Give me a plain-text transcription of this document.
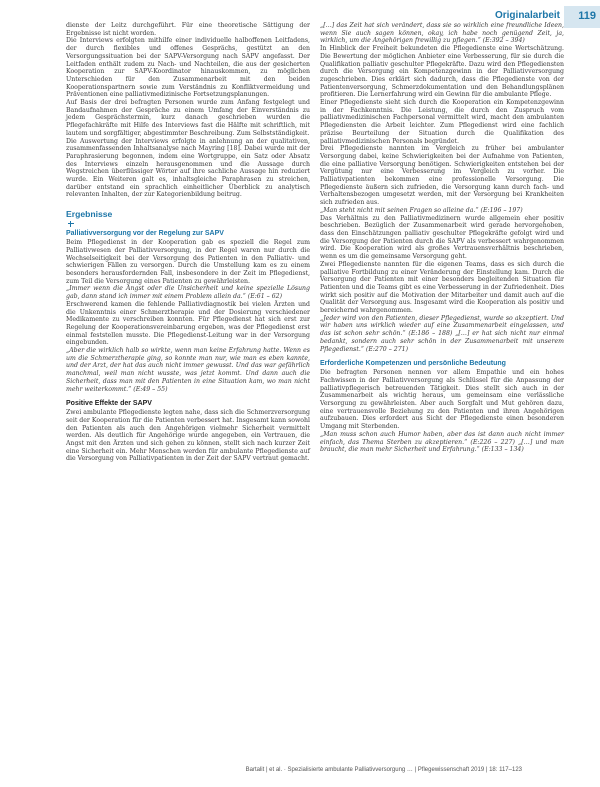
Originalarbeit 119

dienste der Leitz durchgeführt. Für eine theoretische Sättigung der Ergebnisse ist nicht worden.

Die Interviews erfolgten mithilfe einer individuelle halboffenen Leitfadens, der durch flexibles und offenes Gesprächs, gestützt an den Versorgungssituation bei der SAPV-Versorgung nach SAPV angefasst. Der Leitfaden enthält zudem zu Nach- und Nachteilen, die aus der gesicherten Kooperation zur SAPV-Koordinator hinauskommen, zu möglichen Unterschieden für den Zusammenarbeit mit den beiden Kooperationspartnern sowie zum Verständnis zu Konfliktvermeidung und Präventionen eine palliativmedizinische Fortsetzungsplanungen.

Auf Basis der drei befragten Personen wurde zum Anfang festgelegt und Bandaufnahmen der Gespräche zu einem Umfang der Einverständnis zu jedem Gesprächstermin, kurz danach geschrieben wurden die Pflegefachkräfte mit Hilfe des Interviews fast die Hälfte mit schriftlich, mit lautem und sorgfältiger, abgestimmter Beschreibung. Zum Selbstständigkeit.

Die Auswertung der Interviews erfolgte in anlehnung an der qualitativen, zusammenfassenden Inhaltsanalyse nach Mayring [18]. Dabei wurde mit der Paraphrasierung begonnen, indem eine Wortgruppe, ein Satz oder Absatz des Interviews einzeln herausgenommen und die Aussage durch Wegstreichen überflüssiger Wörter auf ihre sachliche Aussage hin reduziert wurde. Ein Weiteren galt es, inhaltsgleiche Paraphrasen zu streichen, darüber entstand ein sprachlich einheitlicher Überblick zu analytisch relevanten Inhalten, der zur Kategorienbildung beitrug.

Ergebnisse
Palliativversorgung vor der Regelung zur SAPV

Beim Pflegedienst in der Kooperation gab es speziell die Regel zum Palliativwesen der Palliativversorgung, in der Regel waren nur durch die Wechselseitigkeit bei der Versorgung des Patienten in den Palliativ- und schwierigen Fällen zu versorgen. Durch die Umstellung kam es zu einem besonders herausfordernden Fall, insbesondere in der Zeit im Pflegedienst, zum Teil die Versorgung eines Patienten zu gewährleisten.

„Immer wenn die Angst oder die Unsicherheit und keine spezielle Lösung gab, dann stand ich immer mit einem Problem allein da.“ (E:61 – 62)

Erschwerend kamen die fehlende Palliativdiagnostik bei vielen Ärzten und die Unkenntnis einer Schmerztherapie und der Dosierung verschiedener Medikamente zu verschreiben konnten. Für Pflegedienst hat sich erst zur Regelung der Kooperationsvereinbarung ergeben, was der Pflegedienst erst einmal feststellen musste. Die Pflegedienst-Leitung war in der Versorgung eingebunden.

„Aber die wirklich halb so wirkte, wenn man keine Erfahrung hatte. Wenn es um die Schmerztherapie ging, so konnte man nur, wie man es eben kannte, und der Arzt, der hat das auch nicht immer gewusst. Und das war gefährlich manchmal, weil man nicht wusste, was jetzt kommt. Und dann auch die Sicherheit, dass man mit den Patienten in eine Situation kam, wo man nicht mehr weiterkommt.“ (E:49 – 55)

Positive Effekte der SAPV

Zwei ambulante Pflegedienste legten nahe, dass sich die Schmerzversorgung seit der Kooperation für die Patienten verbessert hat. Insgesamt kann sowohl den Patienten als auch den Angehörigen vielmehr Sicherheit vermittelt werden. Als deutlich für Angehörige wurde angegeben, ein Vertrauen, die Angst mit den Ärzten und sich gehen zu können, stellt sich nach kurzer Zeit eine Sicherheit ein. Mehr Menschen werden für ambulante Pflegedienste auf die Versorgung von Palliativpatienten in der Zeit der SAPV vertraut gemacht.

„[…] das Zeit hat sich verändert, dass sie so wirklich eine freundliche Ideen, wenn Sie auch sagen können, okay, ich habe noch genügend Zeit, ja, wirklich, um die Angehörigen frewillig zu pflegen.“ (E:392 – 394)

In Hinblick der Freiheit bekundeten die Pflegedienste eine Wertschätzung. Die Bewertung der möglichen Anbieter eine Verbesserung, für sie durch die Qualifikation palliativ geschulter Pflegekräfte. Dazu wird den Pflegediensten durch die Versorgung ein Kompetenzgewinn in der Palliativversorgung zugeschrieben. Dies erklärt sich dadurch, dass die Pflegedienste von der Patientenversorgung, Schmerzdokumentation und den Behandlungsplänen profitieren. Die Lernerfahrung wird ein Gewinn für die ambulante Pflege.

Einer Pflegedienste sieht sich durch die Kooperation ein Kompetenzgewinn in der Fachkenntnis. Die Leistung, die durch den Zuspruch vom palliativmedizinischen Fachpersonal vermittelt wird, macht den ambulanten Pflegediensten die Arbeit leichter. Zum Pflegedienst wird eine fachlich präzise Beurteilung der Situation durch die Qualifikation des palliativmedizinischen Personals begründet.

Drei Pflegedienste nannten im Vergleich zu früher bei ambulanter Versorgung dabei, keine Schwierigkeiten bei der Aufnahme von Patienten, die eine palliative Versorgung benötigen. Schwierigkeiten entstehen bei der Vergütung nur eine Verbesserung im Vergleich zu vorher. Die Palliativpatienten bekommen eine professionelle Versorgung. Die Pflegedienste äußern sich zufrieden, die Versorgung kann durch fach- und Verhaltensbezogen umgesetzt werden, mit der Versorgung bei Krankheiten sich zufrieden aus.

„Man steht nicht mit seinen Fragen so alleine da.“ (E:196 – 197)

Das Verhältnis zu den Palliativmedizinern wurde allgemein eher positiv beschrieben. Bezüglich der Zusammenarbeit wird gerade hervorgehoben, dass den Einschätzungen palliativ geschulter Pflegekräfte gefolgt wird und die Versorgung der Patienten durch die SAPV als verbessert wahrgenommen wird. Die Kooperation wird als großes Vertrauensverhältnis beschrieben, wenn es um die gemeinsame Versorgung geht.

Zwei Pflegedienste nannten für die eigenen Teams, dass es sich durch die palliative Fortbildung zu einer Veränderung der Einstellung kam. Durch die Versorgung der Patienten mit einer besonders begleitenden Situation für Patienten und die Teams gibt es eine Verbesserung in der Zufriedenheit. Dies wirkt sich positiv auf die Motivation der Mitarbeiter und damit auch auf die Qualität der Versorgung aus. Insgesamt wird die Kooperation als positiv und bereichernd wahrgenommen.

„Jeder wird von den Patienten, dieser Pflegedienst, wurde so akzeptiert. Und wir haben uns wirklich wieder auf eine Zusammenarbeit eingelassen, und das ist schon sehr schön.“ (E:186 – 188) „[…] er hat sich nicht nur einmal bedankt, sondern auch sehr schön in der Zusammenarbeit mit unserem Pflegedienst.“ (E:270 – 271)

Erforderliche Kompetenzen und persönliche Bedeutung

Die befragten Personen nennen vor allem Empathie und ein hohes Fachwissen in der Palliativversorgung als Schlüssel für die Anpassung der palliativpflegerisch betreuenden Tätigkeit. Dies stellt sich auch in der Zusammenarbeit als wichtig heraus, um gemeinsam eine verlässliche Versorgung zu gewährleisten. Aber auch Sorgfalt und Mut gehören dazu, eine vertrauensvolle Beziehung zu den Patienten und ihren Angehörigen aufzubauen. Dies erfordert aus Sicht der Pflegedienste einen besonderen Umgang mit Sterbenden.

„Man muss schon auch Humor haben, aber das ist dann auch nicht immer einfach, das Thema Sterben zu akzeptieren.“ (E:226 – 227) „[…] und man braucht, die man mehr Sicherheit und Erfahrung.“ (E:133 – 134)

Bartalit | et al. · Spezialisierte ambulante Palliativversorgung … | Pflegewissenschaft 2019 | 18: 117–123
